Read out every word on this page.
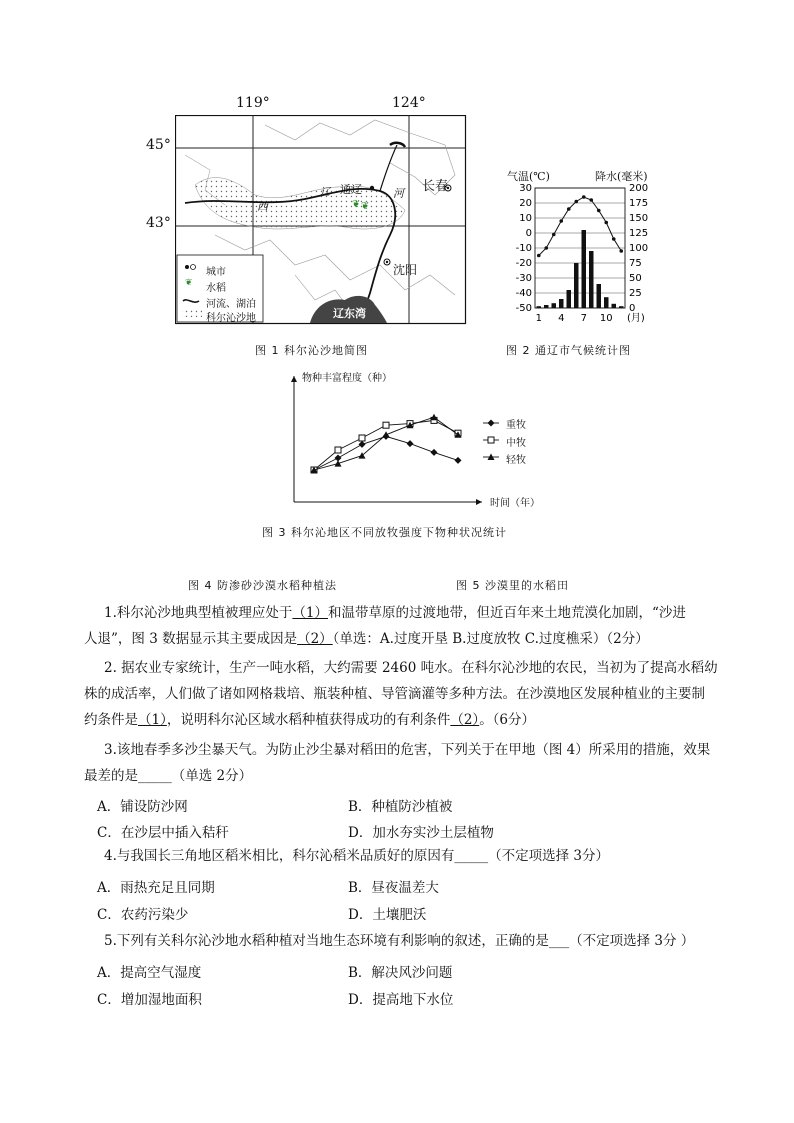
119°	124°
45°
43°
❦ ❦
❦
西
辽 通辽	河 长春
沈阳
辽东湾
城市
水稻
河流、湖泊
科尔沁沙地
图 1 科尔沁沙地简图
气温(℃)	降水(毫米)
30
20
10
0
-10
-20
-30
-40
-50
200
175
150
125
100
75
50
25
0
1 4 7 10 (月)
图 2 通辽市气候统计图
物种丰富程度（种）
时间（年）
重牧
中牧
轻牧
图 3 科尔沁地区不同放牧强度下物种状况统计
图 4 防渗砂沙漠水稻种植法	图 5 沙漠里的水稻田
1.科尔沁沙地典型植被理应处于（1）和温带草原的过渡地带，但近百年来土地荒漠化加剧，“沙进
人退”，图 3 数据显示其主要成因是（2）（单选：A.过度开垦 B.过度放牧 C.过度樵采）（2分）
2. 据农业专家统计，生产一吨水稻，大约需要 2460 吨水。在科尔沁沙地的农民，当初为了提高水稻幼
株的成活率，人们做了诸如网格栽培、瓶装种植、导管滴灌等多种方法。在沙漠地区发展种植业的主要制
约条件是（1），说明科尔沁区域水稻种植获得成功的有利条件（2）。（6分）
3.该地春季多沙尘暴天气。为防止沙尘暴对稻田的危害，下列关于在甲地（图 4）所采用的措施，效果
最差的是_____（单选 2分）
A．铺设防沙网	B．种植防沙植被
C．在沙层中插入秸秆	D．加水夯实沙土层植物
4.与我国长三角地区稻米相比，科尔沁稻米品质好的原因有_____（不定项选择 3分）
A．雨热充足且同期	B．昼夜温差大
C．农药污染少	D．土壤肥沃
5.下列有关科尔沁沙地水稻种植对当地生态环境有利影响的叙述，正确的是___（不定项选择 3分 ）
A．提高空气湿度	B．解决风沙问题
C．增加湿地面积	D．提高地下水位
